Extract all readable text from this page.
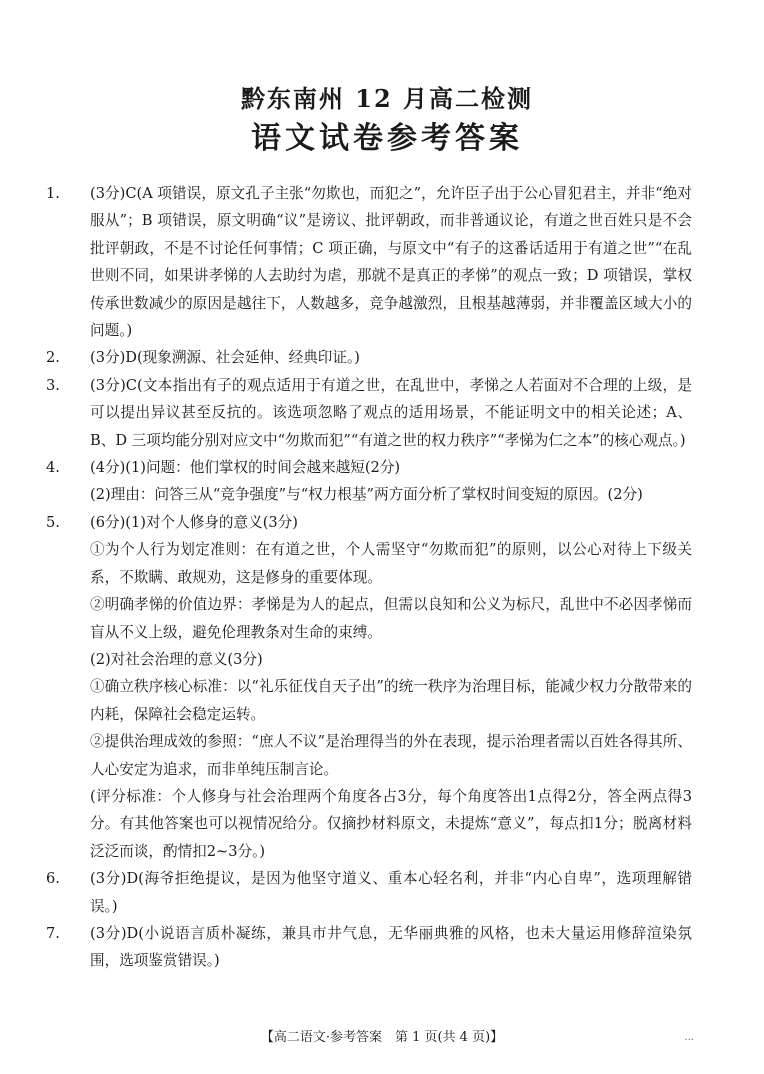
黔东南州 12 月高二检测
语文试卷参考答案
1. (3分)C(A 项错误，原文孔子主张“勿欺也，而犯之”，允许臣子出于公心冒犯君主，并非“绝对服从”；B 项错误，原文明确“议”是谤议、批评朝政，而非普通议论，有道之世百姓只是不会批评朝政，不是不讨论任何事情；C 项正确，与原文中“有子的这番话适用于有道之世”“在乱世则不同，如果讲孝悌的人去助纣为虐，那就不是真正的孝悌”的观点一致；D 项错误，掌权传承世数减少的原因是越往下，人数越多，竞争越激烈，且根基越薄弱，并非覆盖区域大小的问题。)
2. (3分)D(现象溯源、社会延伸、经典印证。)
3. (3分)C(文本指出有子的观点适用于有道之世，在乱世中，孝悌之人若面对不合理的上级，是可以提出异议甚至反抗的。该选项忽略了观点的适用场景，不能证明文中的相关论述；A、B、D 三项均能分别对应文中“勿欺而犯”“有道之世的权力秩序”“孝悌为仁之本”的核心观点。)
4. (4分)(1)问题：他们掌权的时间会越来越短(2分)
(2)理由：问答三从“竞争强度”与“权力根基”两方面分析了掌权时间变短的原因。(2分)
5. (6分)(1)对个人修身的意义(3分)
①为个人行为划定准则：在有道之世，个人需坚守“勿欺而犯”的原则，以公心对待上下级关系，不欺瞒、敢规劝，这是修身的重要体现。
②明确孝悌的价值边界：孝悌是为人的起点，但需以良知和公义为标尺，乱世中不必因孝悌而盲从不义上级，避免伦理教条对生命的束缚。
(2)对社会治理的意义(3分)
①确立秩序核心标准：以“礼乐征伐自天子出”的统一秩序为治理目标，能减少权力分散带来的内耗，保障社会稳定运转。
②提供治理成效的参照：“庶人不议”是治理得当的外在表现，提示治理者需以百姓各得其所、人心安定为追求，而非单纯压制言论。
(评分标准：个人修身与社会治理两个角度各占3分，每个角度答出1点得2分，答全两点得3分。有其他答案也可以视情况给分。仅摘抄材料原文，未提炼“意义”，每点扣1分；脱离材料泛泛而谈，酌情扣2~3分。)
6. (3分)D(海爷拒绝提议，是因为他坚守道义、重本心轻名利，并非“内心自卑”，选项理解错误。)
7. (3分)D(小说语言质朴凝练，兼具市井气息，无华丽典雅的风格，也未大量运用修辞渲染氛围，选项鉴赏错误。)
【高二语文·参考答案　第 1 页(共 4 页)】	...
